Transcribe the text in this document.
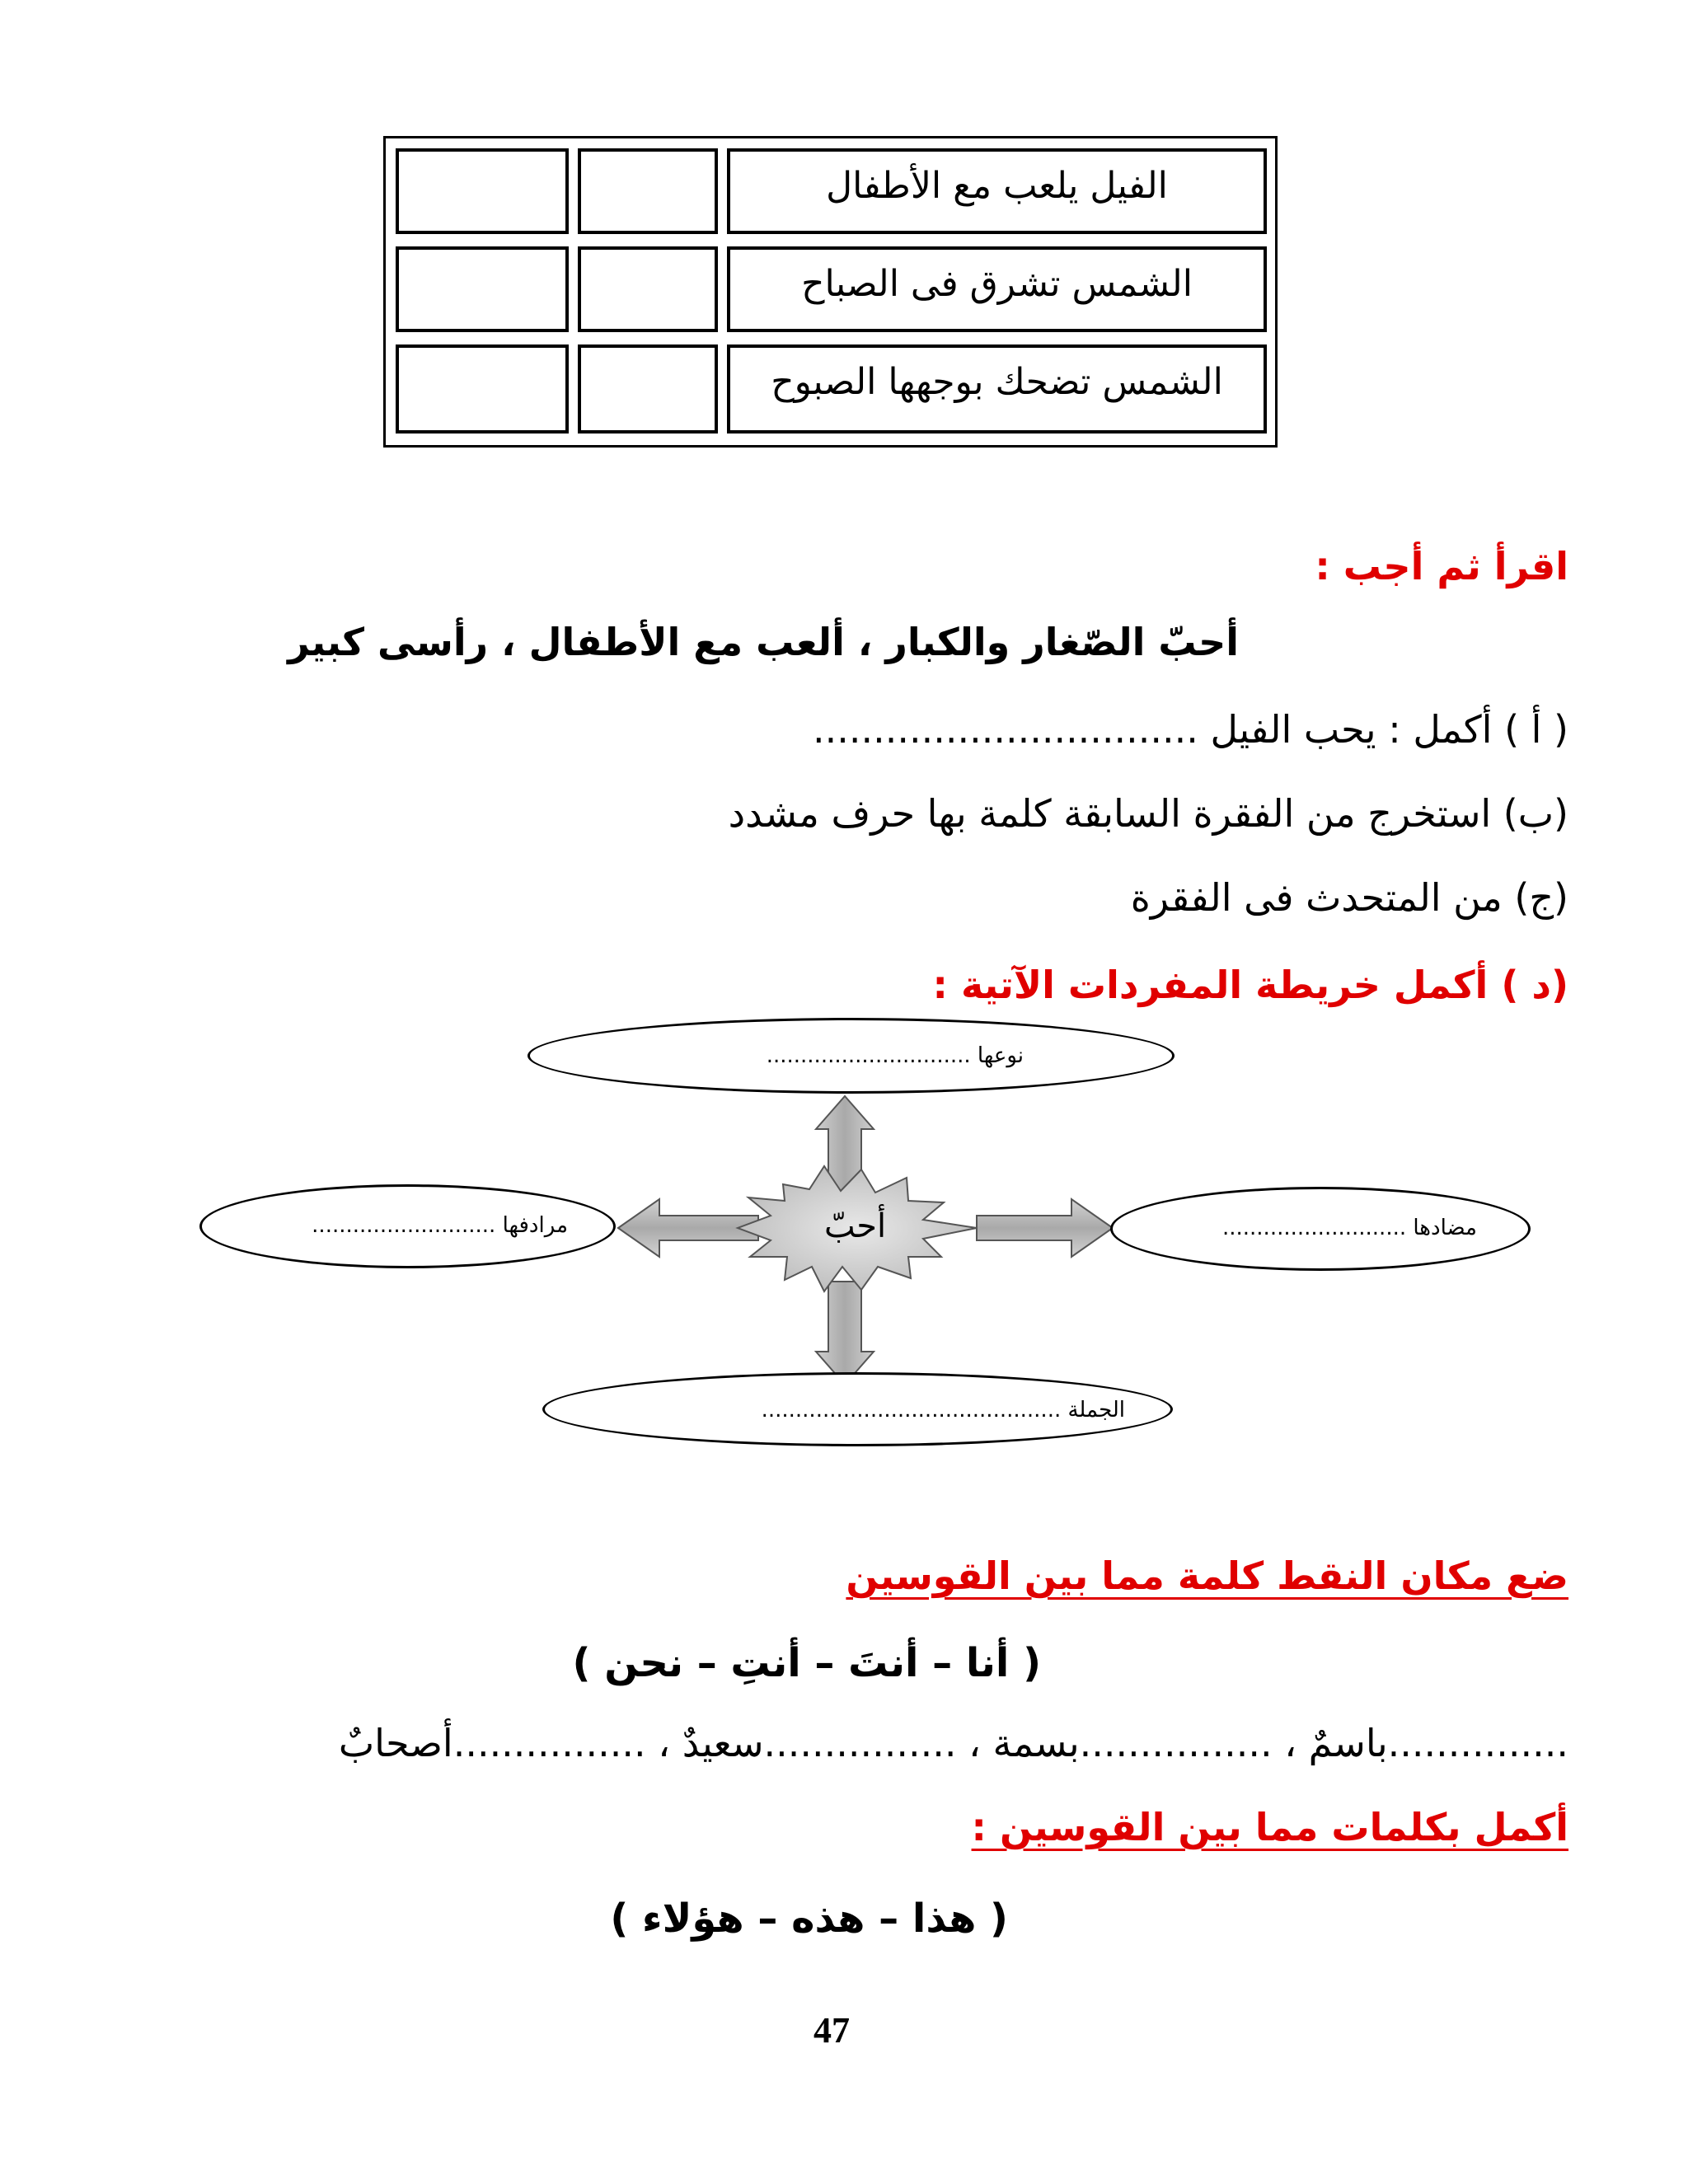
الفيل يلعب مع الأطفال
الشمس تشرق فى الصباح
الشمس تضحك بوجهها الصبوح
اقرأ ثم أجب :
أحبّ الصّغار والكبار ، ألعب مع الأطفال ، رأسى كبير
( أ ) أكمل : يحب الفيل ................................
(ب) استخرج من الفقرة السابقة كلمة بها حرف مشدد
(ج) من المتحدث فى الفقرة
(د ) أكمل خريطة المفردات الآتية :
أحبّ
نوعها ..............................
مرادفها ...........................	مضادها ...........................
الجملة ............................................
ضع مكان النقط كلمة مما بين القوسين
( أنا – أنتَ – أنتِ – نحن )
...............باسمٌ ، ................بسمة ، ................سعيدٌ ، ................أصحابٌ
أكمل بكلمات مما بين القوسين :
( هذا – هذه – هؤلاء )
47
